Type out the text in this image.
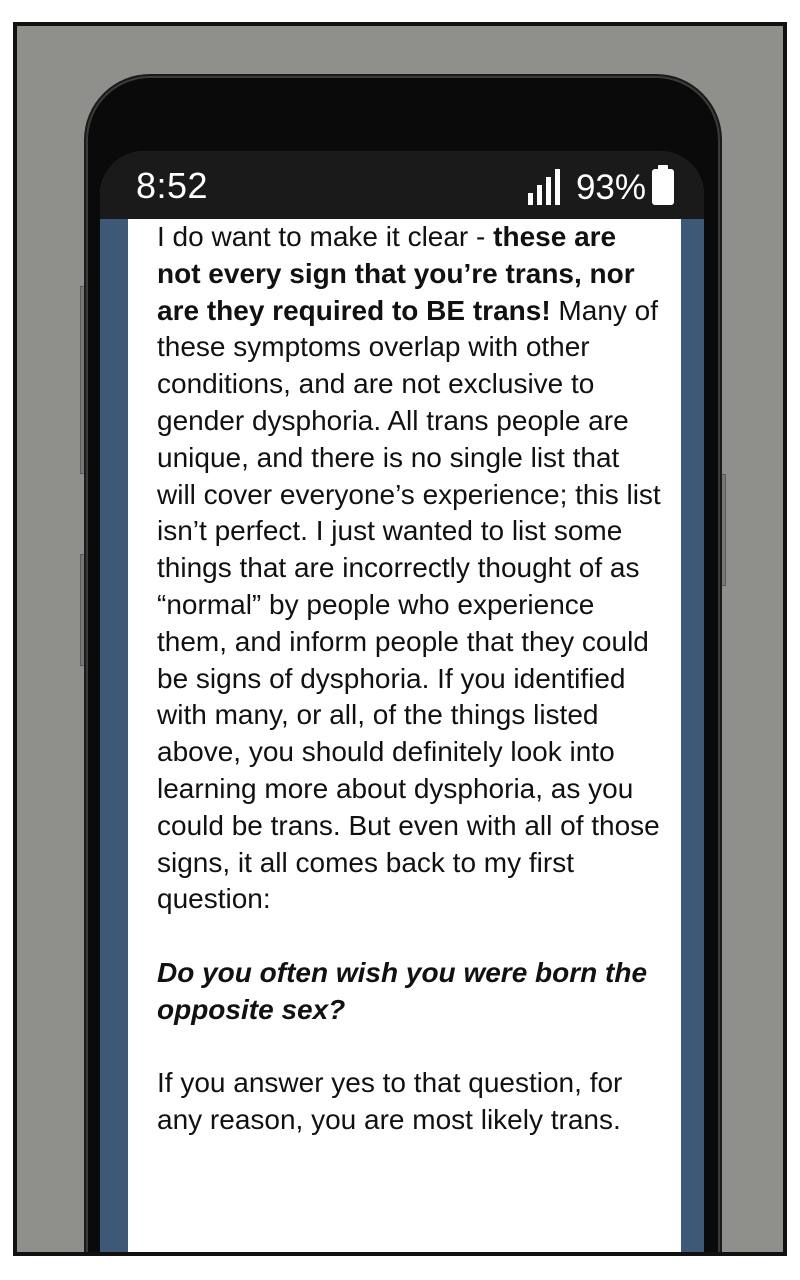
8:52	93%

I do want to make it clear - these are not every sign that you’re trans, nor are they required to BE trans! Many of these symptoms overlap with other conditions, and are not exclusive to gender dysphoria. All trans people are unique, and there is no single list that will cover everyone’s experience; this list isn’t perfect. I just wanted to list some things that are incorrectly thought of as “normal” by people who experience them, and inform people that they could be signs of dysphoria. If you identified with many, or all, of the things listed above, you should definitely look into learning more about dysphoria, as you could be trans. But even with all of those signs, it all comes back to my first question:

Do you often wish you were born the opposite sex?

If you answer yes to that question, for any reason, you are most likely trans.
